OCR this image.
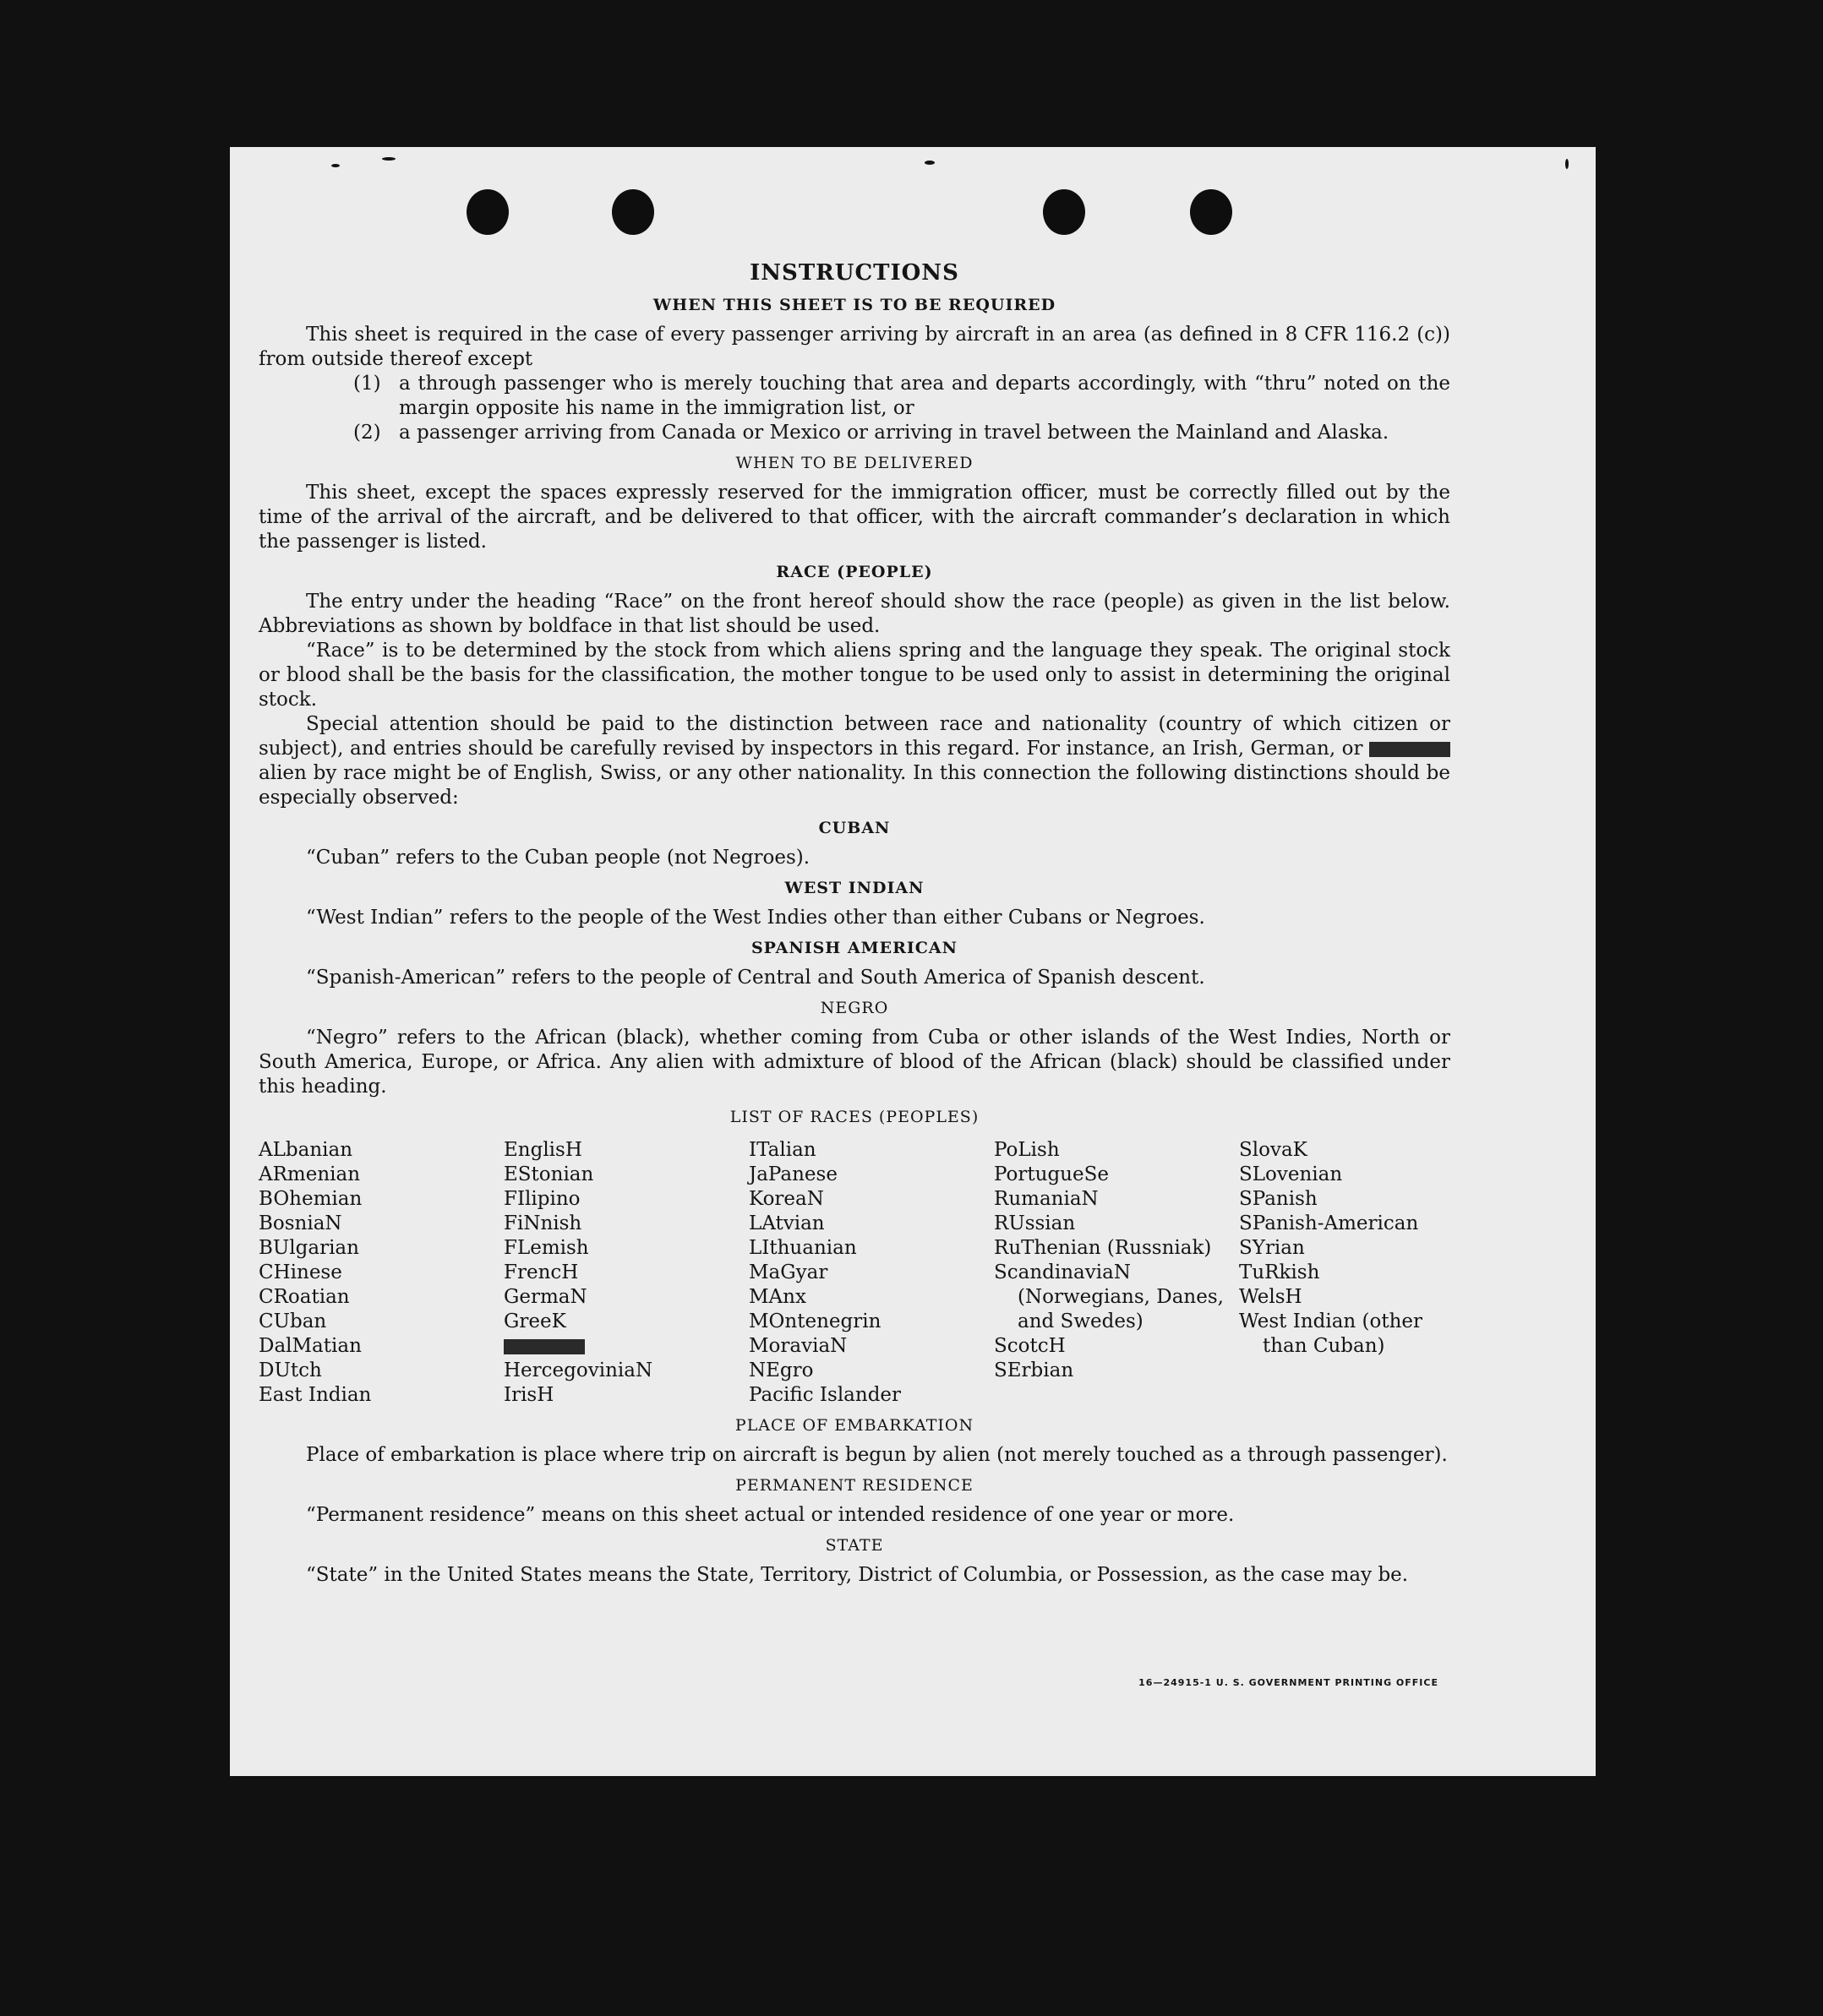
INSTRUCTIONS
WHEN THIS SHEET IS TO BE REQUIRED

This sheet is required in the case of every passenger arriving by aircraft in an area (as defined in 8 CFR 116.2 (c)) from outside thereof except

(1) a through passenger who is merely touching that area and departs accordingly, with “thru” noted on the margin opposite his name in the immigration list, or
(2) a passenger arriving from Canada or Mexico or arriving in travel between the Mainland and Alaska.
WHEN TO BE DELIVERED

This sheet, except the spaces expressly reserved for the immigration officer, must be correctly filled out by the time of the arrival of the aircraft, and be delivered to that officer, with the aircraft commander’s declaration in which the passenger is listed.

RACE (PEOPLE)

The entry under the heading “Race” on the front hereof should show the race (people) as given in the list below. Abbreviations as shown by boldface in that list should be used.

“Race” is to be determined by the stock from which aliens spring and the language they speak. The original stock or blood shall be the basis for the classification, the mother tongue to be used only to assist in determining the original stock.

Special attention should be paid to the distinction between race and nationality (country of which citizen or subject), and entries should be carefully revised by inspectors in this regard. For instance, an Irish, German, or  alien by race might be of English, Swiss, or any other nationality. In this connection the following distinctions should be especially observed:

CUBAN

“Cuban” refers to the Cuban people (not Negroes).

WEST INDIAN

“West Indian” refers to the people of the West Indies other than either Cubans or Negroes.

SPANISH AMERICAN

“Spanish-American” refers to the people of Central and South America of Spanish descent.

NEGRO

“Negro” refers to the African (black), whether coming from Cuba or other islands of the West Indies, North or South America, Europe, or Africa. Any alien with admixture of blood of the African (black) should be classified under this heading.

LIST OF RACES (PEOPLES)
ALbanian
ARmenian
BOhemian
BosniaN
BUlgarian
CHinese
CRoatian
CUban
DalMatian
DUtch
East Indian
EnglisH
EStonian
FIlipino
FiNnish
FLemish
FrencH
GermaN
GreeK
HercegoviniaN
IrisH
ITalian
JaPanese
KoreaN
LAtvian
LIthuanian
MaGyar
MAnx
MOntenegrin
MoraviaN
NEgro
Pacific Islander
PoLish
PortugueSe
RumaniaN
RUssian
RuThenian (Russniak)
ScandinaviaN (Norwegians, Danes, and Swedes)
ScotcH
SErbian
SlovaK
SLovenian
SPanish
SPanish-American
SYrian
TuRkish
WelsH
West Indian (other than Cuban)
PLACE OF EMBARKATION

Place of embarkation is place where trip on aircraft is begun by alien (not merely touched as a through passenger).

PERMANENT RESIDENCE

“Permanent residence” means on this sheet actual or intended residence of one year or more.

STATE

“State” in the United States means the State, Territory, District of Columbia, or Possession, as the case may be.

16—24915-1 U. S. GOVERNMENT PRINTING OFFICE
